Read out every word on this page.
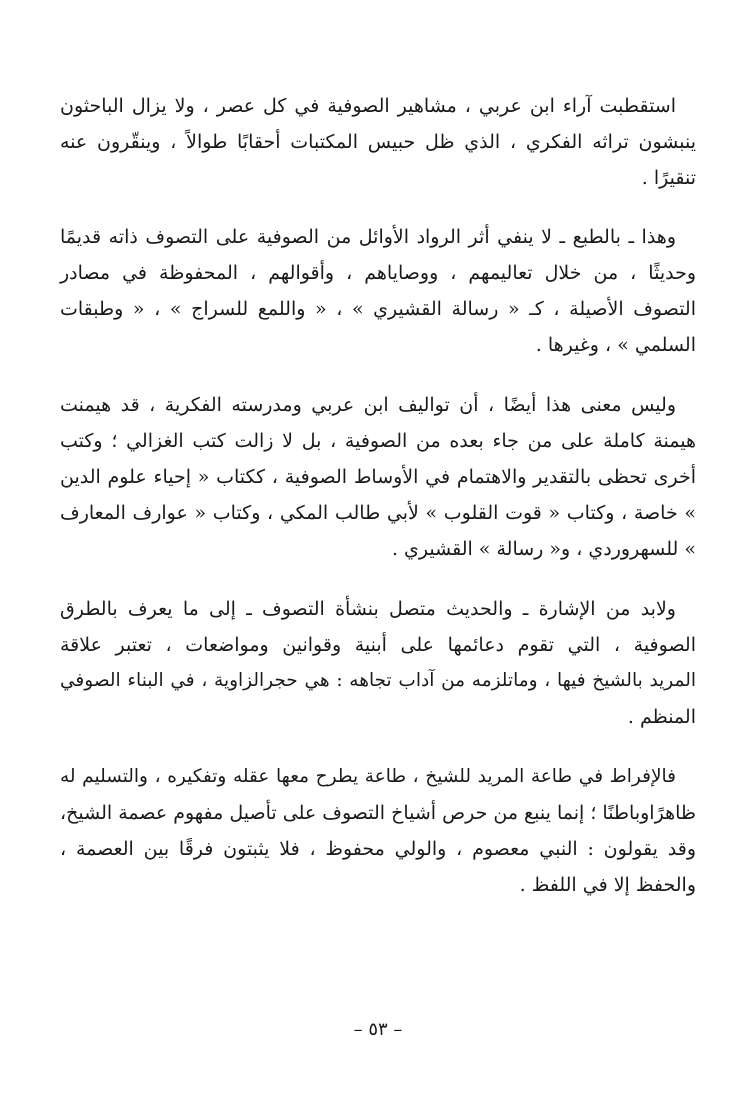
استقطبت آراء ابن عربي ، مشاهير الصوفية في كل عصر ، ولا يزال الباحثون
ينبشون تراثه الفكري ، الذي ظل حبيس المكتبات أحقابًا طوالاً ، وينقّرون عنه
تنقيرًا .
وهذا ـ بالطبع ـ لا ينفي أثر الرواد الأوائل من الصوفية على التصوف ذاته قديمًا
وحديثًا ، من خلال تعاليمهم ، ووصاياهم ، وأقوالهم ، المحفوظة في مصادر
التصوف الأصيلة ، كـ « رسالة القشيري » ، « واللمع للسراج » ، « وطبقات
السلمي » ، وغيرها .
وليس معنى هذا أيضًا ، أن تواليف ابن عربي ومدرسته الفكرية ، قد هيمنت
هيمنة كاملة على من جاء بعده من الصوفية ، بل لا زالت كتب الغزالي ؛ وكتب
أخرى تحظى بالتقدير والاهتمام في الأوساط الصوفية ، ككتاب « إحياء علوم الدين
» خاصة ، وكتاب « قوت القلوب » لأبي طالب المكي ، وكتاب « عوارف المعارف
» للسهروردي ، و« رسالة » القشيري .
ولابد من الإشارة ـ والحديث متصل بنشأة التصوف ـ إلى ما يعرف بالطرق
الصوفية ، التي تقوم دعائمها على أبنية وقوانين ومواضعات ، تعتبر علاقة
المريد بالشيخ فيها ، وماتلزمه من آداب تجاهه : هي حجرالزاوية ، في البناء الصوفي
المنظم .
فالإفراط في طاعة المريد للشيخ ، طاعة يطرح معها عقله وتفكيره ، والتسليم له
ظاهرًاوباطنًا ؛ إنما ينبع من حرص أشياخ التصوف على تأصيل مفهوم عصمة الشيخ،
وقد يقولون : النبي معصوم ، والولي محفوظ ، فلا يثبتون فرقًا بين العصمة ،
والحفظ إلا في اللفظ .
– ٥٣ –
